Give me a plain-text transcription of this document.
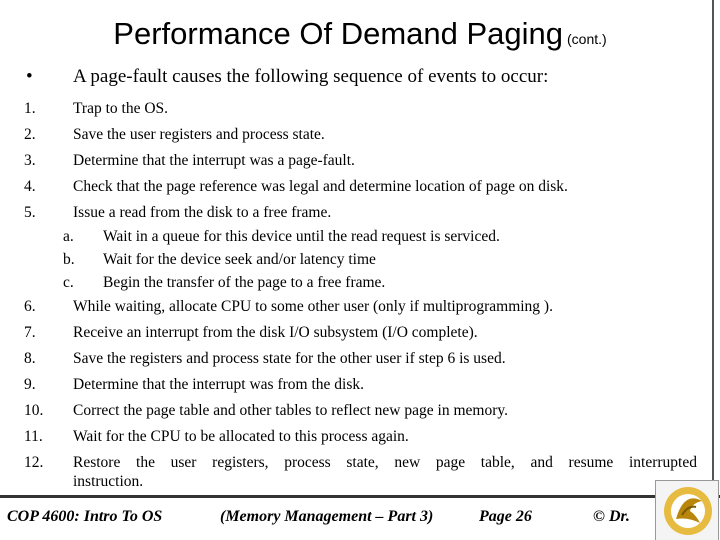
Performance Of Demand Paging (cont.)
• A page-fault causes the following sequence of events to occur:
1. Trap to the OS.
2. Save the user registers and process state.
3. Determine that the interrupt was a page-fault.
4. Check that the page reference was legal and determine location of page on disk.
5. Issue a read from the disk to a free frame.
a. Wait in a queue for this device until the read request is serviced.
b. Wait for the device seek and/or latency time
c. Begin the transfer of the page to a free frame.
6. While waiting, allocate CPU to some other user (only if multiprogramming ).
7. Receive an interrupt from the disk I/O subsystem (I/O complete).
8. Save the registers and process state for the other user if step 6 is used.
9. Determine that the interrupt was from the disk.
10. Correct the page table and other tables to reflect new page in memory.
11. Wait for the CPU to be allocated to this process again.
12. Restore the user registers, process state, new page table, and resume interrupted
instruction.
COP 4600: Intro To OS	(Memory Management – Part 3)	Page 26	© Dr.
